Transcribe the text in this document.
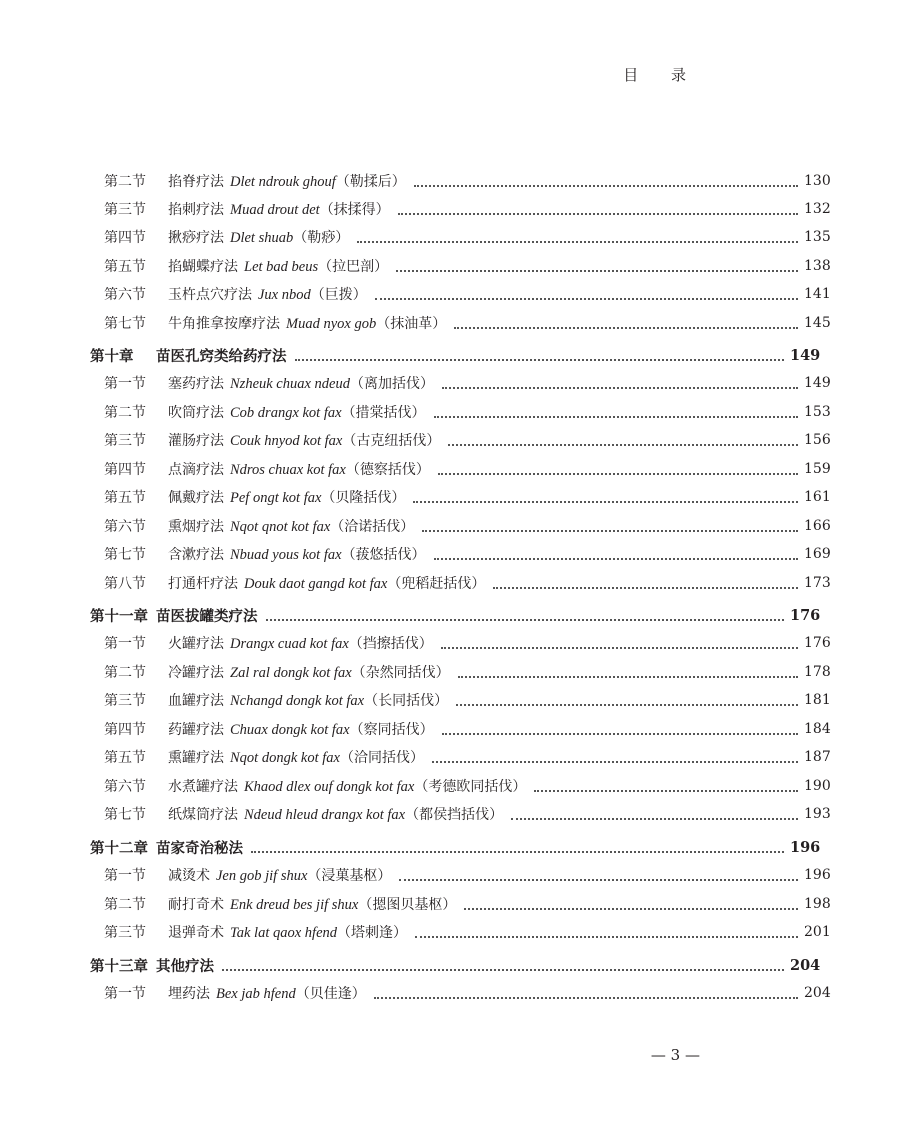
目 录
第二节	掐脊疗法 Dlet ndrouk ghouf（勒揉后）	130
第三节	掐刺疗法 Muad drout det（抹揉得）	132
第四节	揪痧疗法 Dlet shuab（勒痧）	135
第五节	掐蝴蝶疗法 Let bad beus（拉巴剖）	138
第六节	玉杵点穴疗法 Jux nbod（巨拨）	141
第七节	牛角推拿按摩疗法 Muad nyox gob（抹油革）	145
第十章	苗医孔窍类给药疗法	149
第一节	塞药疗法 Nzheuk chuax ndeud（离加括伐）	149
第二节	吹筒疗法 Cob drangx kot fax（措棠括伐）	153
第三节	灌肠疗法 Couk hnyod kot fax（古克纽括伐）	156
第四节	点滴疗法 Ndros chuax kot fax（德察括伐）	159
第五节	佩戴疗法 Pef ongt kot fax（贝隆括伐）	161
第六节	熏烟疗法 Nqot qnot kot fax（洽诺括伐）	166
第七节	含漱疗法 Nbuad yous kot fax（菝悠括伐）	169
第八节	打通杆疗法 Douk daot gangd kot fax（兜稻赶括伐）	173
第十一章 苗医拔罐类疗法	176
第一节	火罐疗法 Drangx cuad kot fax（挡擦括伐）	176
第二节	冷罐疗法 Zal ral dongk kot fax（杂然同括伐）	178
第三节	血罐疗法 Nchangd dongk kot fax（长同括伐）	181
第四节	药罐疗法 Chuax dongk kot fax（察同括伐）	184
第五节	熏罐疗法 Nqot dongk kot fax（洽同括伐）	187
第六节	水煮罐疗法 Khaod dlex ouf dongk kot fax（考德欧同括伐）	190
第七节	纸煤筒疗法 Ndeud hleud drangx kot fax（都侯挡括伐）	193
第十二章 苗家奇治秘法	196
第一节	减烫术 Jen gob jif shux（浸菓基枢）	196
第二节	耐打奇术 Enk dreud bes jif shux（摁图贝基枢）	198
第三节	退弹奇术 Tak lat qaox hfend（塔刺逢）	201
第十三章 其他疗法	204
第一节	埋药法 Bex jab hfend（贝佳逢）	204
— 3 —
